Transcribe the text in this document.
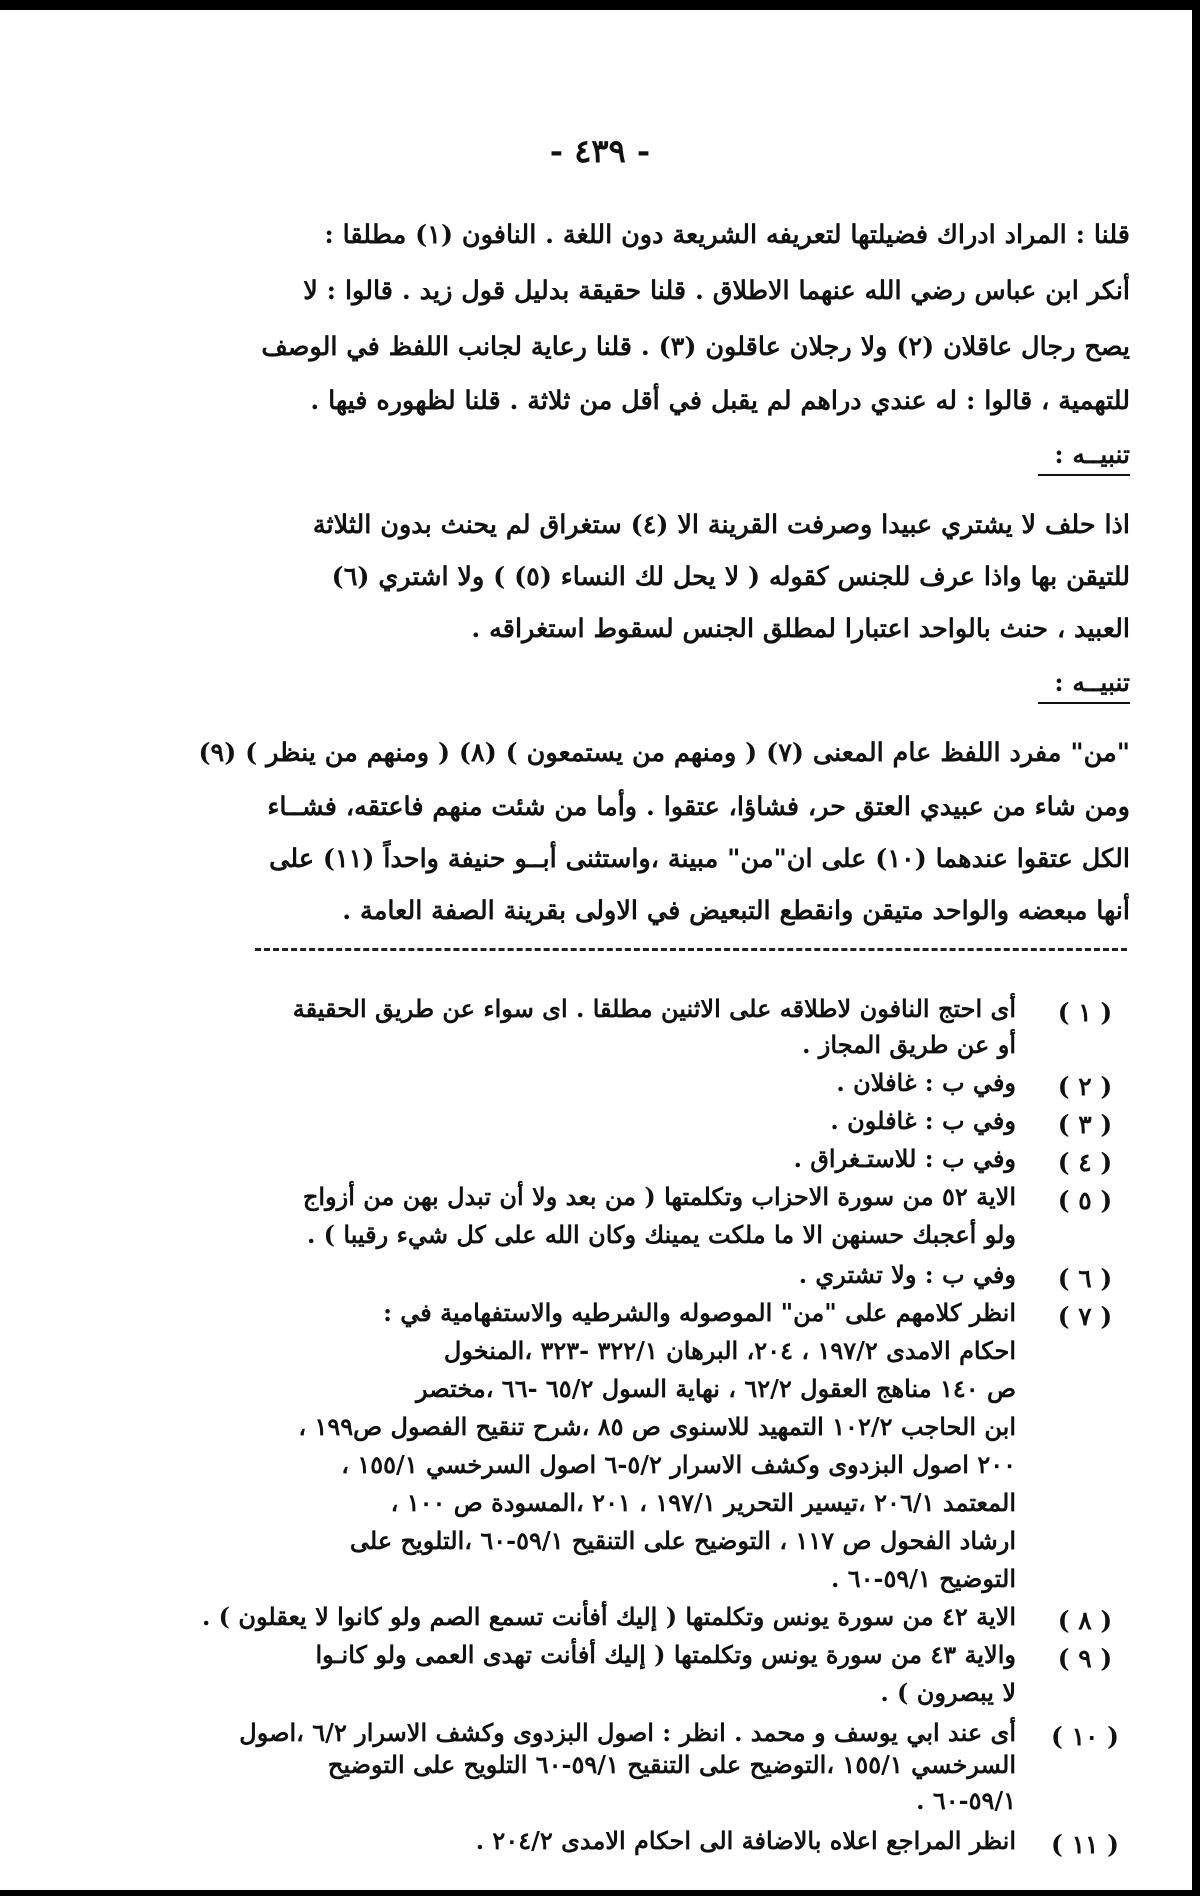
- ٤٣٩ -
قلنا : المراد ادراك فضيلتها لتعريفه الشريعة دون اللغة . النافون (١) مطلقا :
أنكر ابن عباس رضي الله عنهما الاطلاق . قلنا حقيقة بدليل قول زيد . قالوا : لا
يصح رجال عاقلان (٢) ولا رجلان عاقلون (٣) . قلنا رعاية لجانب اللفظ في الوصف
للتهمية ، قالوا : له عندي دراهم لم يقبل في أقل من ثلاثة . قلنا لظهوره فيها .
تنبيــه :
اذا حلف لا يشتري عبيدا وصرفت القرينة الا (٤) ستغراق لم يحنث بدون الثلاثة
للتيقن بها واذا عرف للجنس كقوله ( لا يحل لك النساء (٥) ) ولا اشتري (٦)
العبيد ، حنث بالواحد اعتبارا لمطلق الجنس لسقوط استغراقه .
تنبيــه :
"من" مفرد اللفظ عام المعنى (٧) ( ومنهم من يستمعون ) (٨) ( ومنهم من ينظر ) (٩)
ومن شاء من عبيدي العتق حر، فشاؤا، عتقوا . وأما من شئت منهم فاعتقه، فشــاء
الكل عتقوا عندهما (١٠) على ان"من" مبينة ،واستثنى أبــو حنيفة واحداً (١١) على
أنها مبعضه والواحد متيقن وانقطع التبعيض في الاولى بقرينة الصفة العامة .
( ١ )
أى احتج النافون لاطلاقه على الاثنين مطلقا . اى سواء عن طريق الحقيقة
أو عن طريق المجاز .
( ٢ )
وفي ب : غافلان .
( ٣ )
وفي ب : غافلون .
( ٤ )
وفي ب : للاستـغراق .
( ٥ )
الاية ٥٢ من سورة الاحزاب وتكلمتها ( من بعد ولا أن تبدل بهن من أزواج
ولو أعجبك حسنهن الا ما ملكت يمينك وكان الله على كل شيء رقيبا ) .
( ٦ )
وفي ب : ولا تشتري .
( ٧ )
انظر كلامهم على "من" الموصوله والشرطيه والاستفهامية في :
احكام الامدى ١٩٧/٢ ، ٢٠٤، البرهان ٣٢٢/١ -٣٢٣ ،المنخول
ص ١٤٠ مناهج العقول ٦٢/٢ ، نهاية السول ٦٥/٢ -٦٦ ،مختصر
ابن الحاجب ١٠٢/٢ التمهيد للاسنوى ص ٨٥ ،شرح تنقيح الفصول ص١٩٩ ،
٢٠٠ اصول البزدوى وكشف الاسرار ٥/٢-٦ اصول السرخسي ١٥٥/١ ،
المعتمد ٢٠٦/١ ،تيسير التحرير ١٩٧/١ ، ٢٠١ ،المسودة ص ١٠٠ ،
ارشاد الفحول ص ١١٧ ، التوضيح على التنقيح ٥٩/١-٦٠ ،التلويح على
التوضيح ٥٩/١-٦٠ .
( ٨ )
الاية ٤٢ من سورة يونس وتكلمتها ( إليك أفأنت تسمع الصم ولو كانوا لا يعقلون ) .
( ٩ )
والاية ٤٣ من سورة يونس وتكلمتها ( إليك أفأنت تهدى العمى ولو كانـوا
لا يبصرون ) .
( ١٠ )
أى عند ابي يوسف و محمد . انظر : اصول البزدوى وكشف الاسرار ٦/٢ ،اصول
السرخسي ١٥٥/١ ،التوضيح على التنقيح ٥٩/١-٦٠ التلويح على التوضيح
٥٩/١-٦٠ .
( ١١ )
انظر المراجع اعلاه بالاضافة الى احكام الامدى ٢٠٤/٢ .
